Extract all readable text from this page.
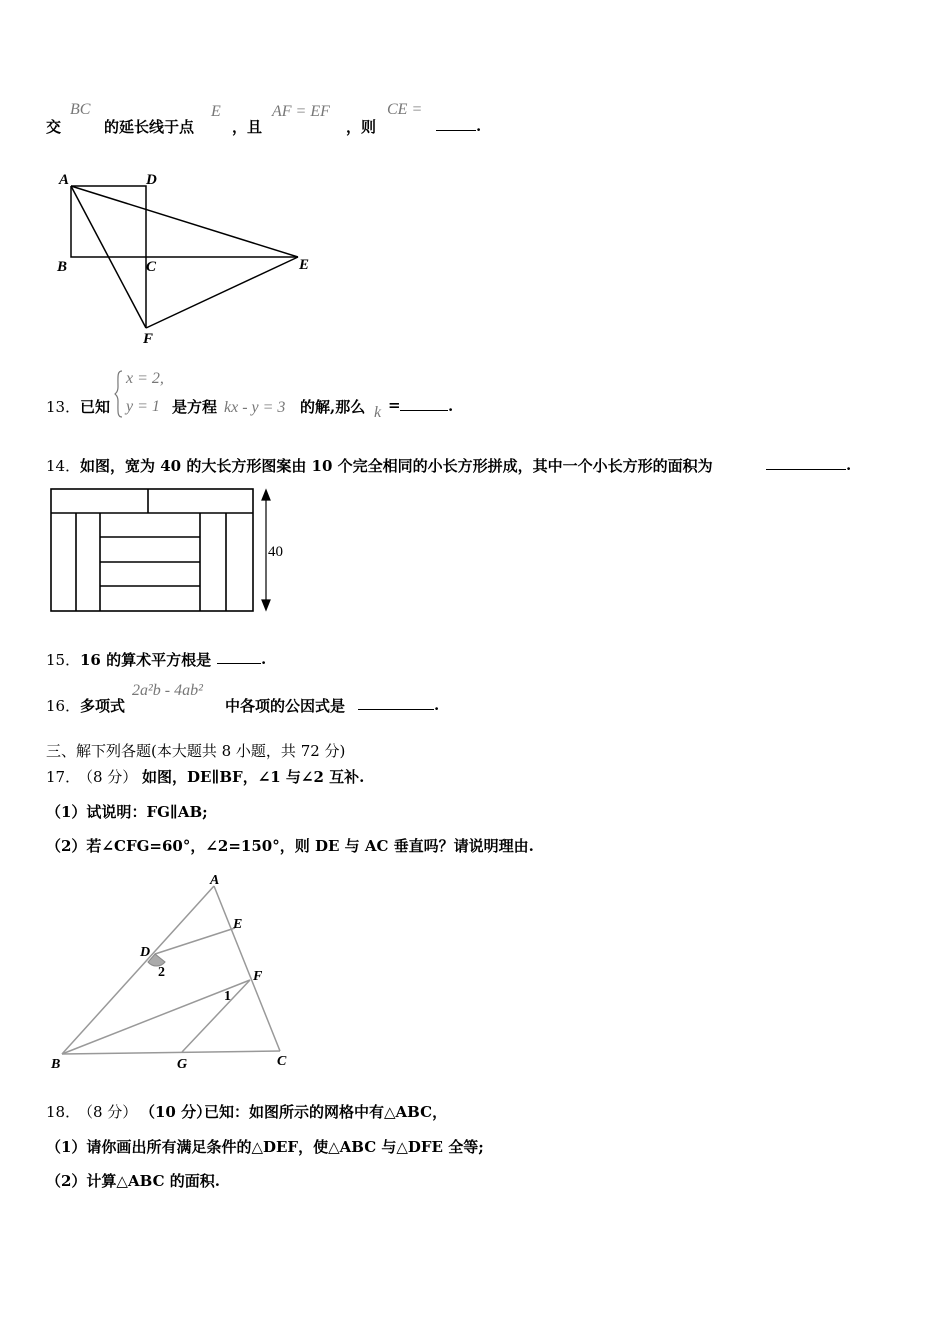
交
BC
的延长线于点
E
，且
AF = EF
，则
CE =
.
A	D
B	C	E
F
13． 已知
x = 2,
y = 1 是方程 kx - y = 3 的解,那么 k =	.
14． 如图，宽为 40 的大长方形图案由 10 个完全相同的小长方形拼成，其中一个小长方形的面积为	.
40
15． 16 的算术平方根是	.
16． 多项式
2a²b - 4ab²
中各项的公因式是	.
三、解下列各题(本大题共 8 小题，共 72 分)
17．
（8 分） 如图，DE∥BF，∠1 与∠2 互补.
（1）试说明：FG∥AB;
（2）若∠CFG=60°，∠2=150°，则 DE 与 AC 垂直吗？请说明理由.
A
E
D
2	F
1
B	G	C
18．
（8 分） （10 分）
已知：如图所示的网格中有△ABC，
（1）请你画出所有满足条件的△DEF，使△ABC 与△DFE 全等;
（2）计算△ABC 的面积.
